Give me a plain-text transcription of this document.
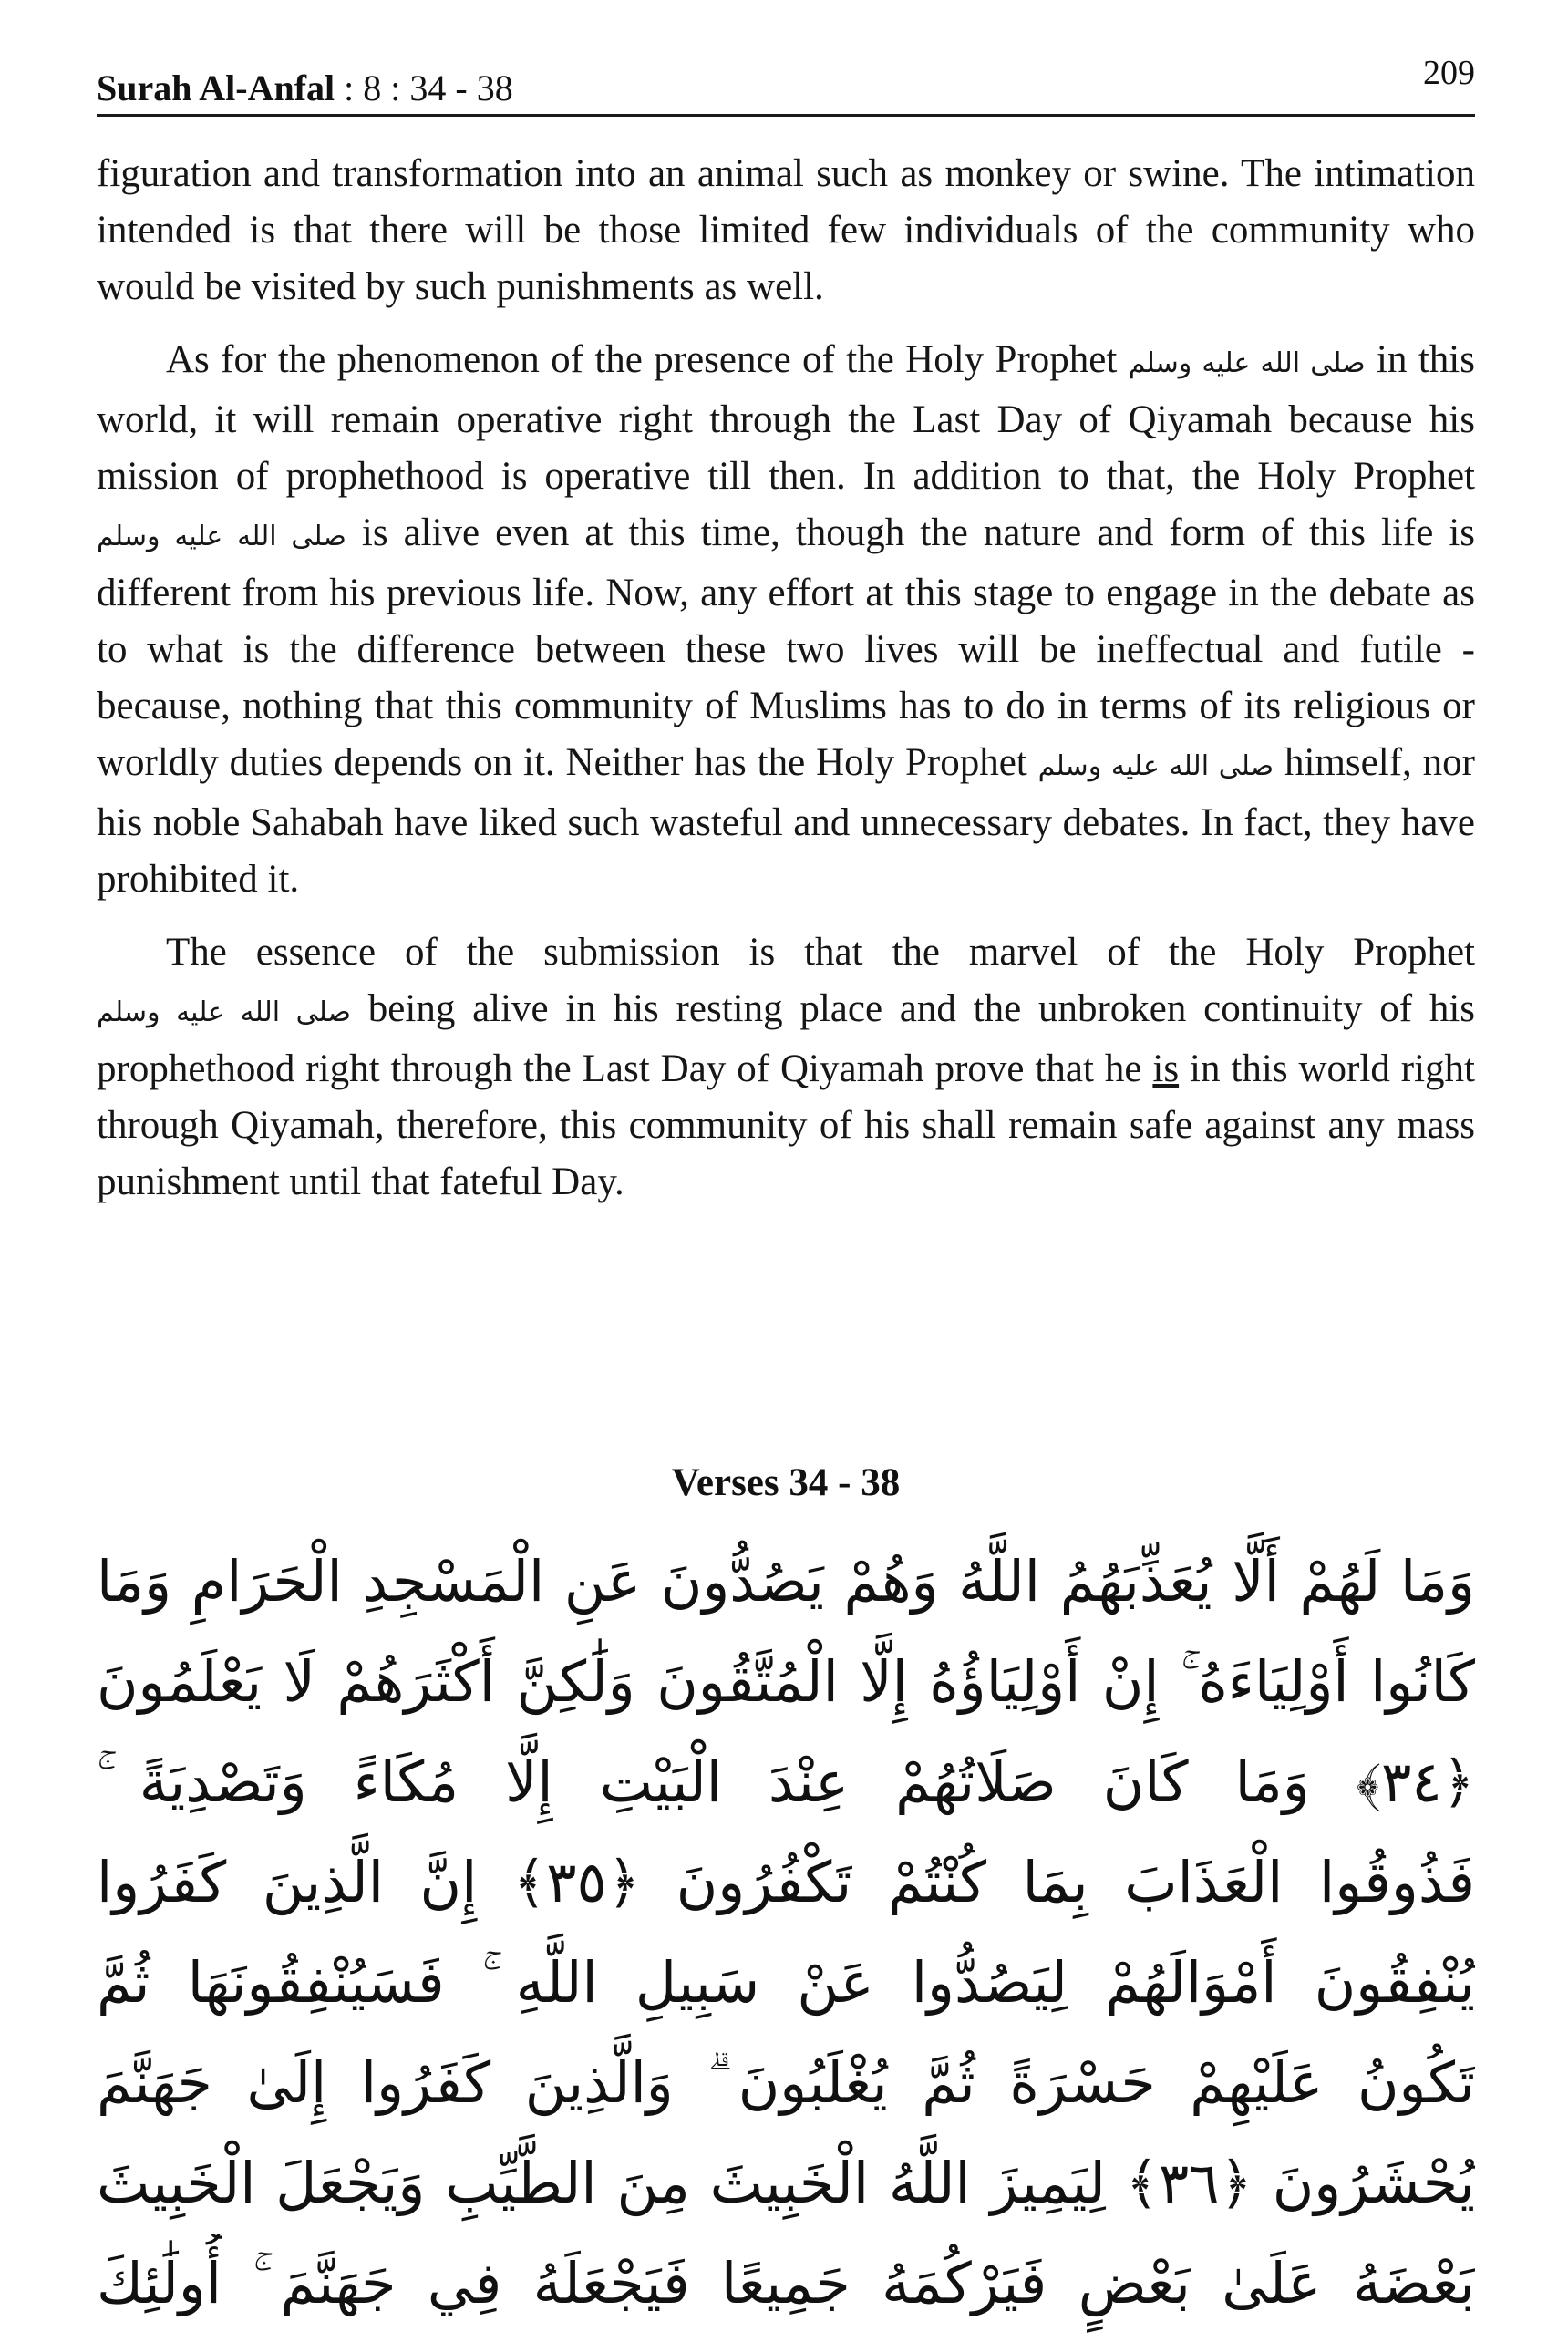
Surah Al-Anfal : 8 : 34 - 38	209

figuration and transformation into an animal such as monkey or swine. The intimation intended is that there will be those limited few individuals of the community who would be visited by such punishments as well.

As for the phenomenon of the presence of the Holy Prophet صلى الله عليه وسلم in this world, it will remain operative right through the Last Day of Qiyamah because his mission of prophethood is operative till then. In addition to that, the Holy Prophet صلى الله عليه وسلم is alive even at this time, though the nature and form of this life is different from his previous life. Now, any effort at this stage to engage in the debate as to what is the difference between these two lives will be ineffectual and futile - because, nothing that this community of Muslims has to do in terms of its religious or worldly duties depends on it. Neither has the Holy Prophet صلى الله عليه وسلم himself, nor his noble Sahabah have liked such wasteful and unnecessary debates. In fact, they have prohibited it.

The essence of the submission is that the marvel of the Holy Prophet صلى الله عليه وسلم being alive in his resting place and the unbroken continuity of his prophethood right through the Last Day of Qiyamah prove that he is in this world right through Qiyamah, therefore, this community of his shall remain safe against any mass punishment until that fateful Day.

Verses 34 - 38
وَمَا لَهُمْ أَلَّا يُعَذِّبَهُمُ اللَّهُ وَهُمْ يَصُدُّونَ عَنِ الْمَسْجِدِ الْحَرَامِ وَمَا
كَانُوا أَوْلِيَاءَهُ ۚ إِنْ أَوْلِيَاؤُهُ إِلَّا الْمُتَّقُونَ وَلَٰكِنَّ أَكْثَرَهُمْ لَا يَعْلَمُونَ
﴿٣٤﴾ وَمَا كَانَ صَلَاتُهُمْ عِنْدَ الْبَيْتِ إِلَّا مُكَاءً وَتَصْدِيَةً ۚ
فَذُوقُوا الْعَذَابَ بِمَا كُنْتُمْ تَكْفُرُونَ ﴿٣٥﴾ إِنَّ الَّذِينَ كَفَرُوا
يُنْفِقُونَ أَمْوَالَهُمْ لِيَصُدُّوا عَنْ سَبِيلِ اللَّهِ ۚ فَسَيُنْفِقُونَهَا ثُمَّ
تَكُونُ عَلَيْهِمْ حَسْرَةً ثُمَّ يُغْلَبُونَ ۗ وَالَّذِينَ كَفَرُوا إِلَىٰ جَهَنَّمَ
يُحْشَرُونَ ﴿٣٦﴾ لِيَمِيزَ اللَّهُ الْخَبِيثَ مِنَ الطَّيِّبِ وَيَجْعَلَ الْخَبِيثَ
بَعْضَهُ عَلَىٰ بَعْضٍ فَيَرْكُمَهُ جَمِيعًا فَيَجْعَلَهُ فِي جَهَنَّمَ ۚ أُولَٰئِكَ
